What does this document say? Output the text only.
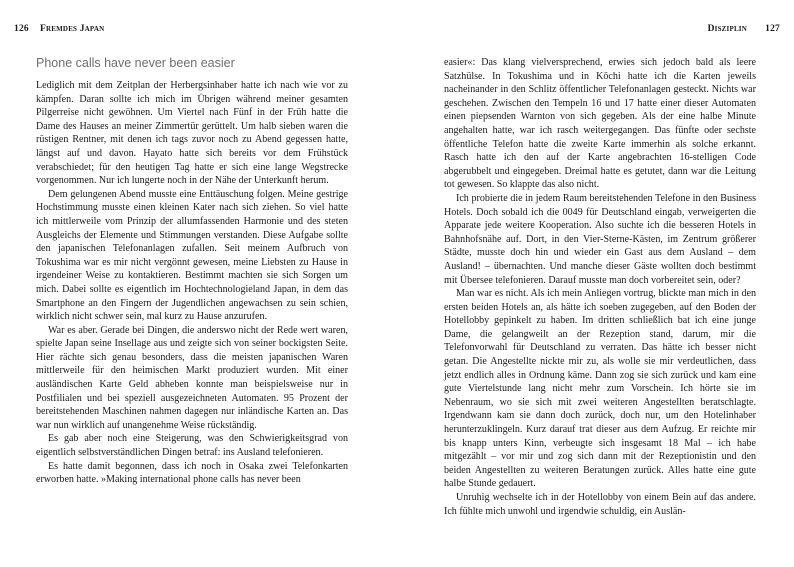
126 Fremdes Japan
Phone calls have never been easier

Lediglich mit dem Zeitplan der Herbergsinhaber hatte ich nach wie vor zu kämpfen. Daran sollte ich mich im Übrigen während meiner gesamten Pilgerreise nicht gewöhnen. Um Viertel nach Fünf in der Früh hatte die Dame des Hauses an meiner Zimmertür gerüttelt. Um halb sieben waren die rüstigen Rentner, mit denen ich tags zuvor noch zu Abend gegessen hatte, längst auf und davon. Hayato hatte sich bereits vor dem Frühstück verabschiedet; für den heutigen Tag hatte er sich eine lange Wegstrecke vorgenommen. Nur ich lungerte noch in der Nähe der Unterkunft herum.

Dem gelungenen Abend musste eine Enttäuschung folgen. Meine gestrige Hochstimmung musste einen kleinen Kater nach sich ziehen. So viel hatte ich mittlerweile vom Prinzip der allumfassenden Harmonie und des steten Ausgleichs der Elemente und Stimmungen verstanden. Diese Aufgabe sollte den japanischen Telefonanlagen zufallen. Seit meinem Aufbruch von Tokushima war es mir nicht vergönnt gewesen, meine Liebsten zu Hause in irgendeiner Weise zu kontaktieren. Bestimmt machten sie sich Sorgen um mich. Dabei sollte es eigentlich im Hochtechnologieland Japan, in dem das Smartphone an den Fingern der Jugendlichen angewachsen zu sein schien, wirklich nicht schwer sein, mal kurz zu Hause anzurufen.

War es aber. Gerade bei Dingen, die anderswo nicht der Rede wert waren, spielte Japan seine Insellage aus und zeigte sich von seiner bockigsten Seite. Hier rächte sich genau besonders, dass die meisten japanischen Waren mittlerweile für den heimischen Markt produziert wurden. Mit einer ausländischen Karte Geld abheben konnte man beispielsweise nur in Postfilialen und bei speziell ausgezeichneten Automaten. 95 Prozent der bereitstehenden Maschinen nahmen dagegen nur inländische Karten an. Das war nun wirklich auf unangenehme Weise rückständig.

Es gab aber noch eine Steigerung, was den Schwierigkeitsgrad von eigentlich selbstverständlichen Dingen betraf: ins Ausland telefonieren.

Es hatte damit begonnen, dass ich noch in Osaka zwei Telefonkarten erworben hatte. »Making international phone calls has never been

Disziplin 127

easier«: Das klang vielversprechend, erwies sich jedoch bald als leere Satzhülse. In Tokushima und in Kōchi hatte ich die Karten jeweils nacheinander in den Schlitz öffentlicher Telefonanlagen gesteckt. Nichts war geschehen. Zwischen den Tempeln 16 und 17 hatte einer dieser Automaten einen piepsenden Warnton von sich gegeben. Als der eine halbe Minute angehalten hatte, war ich rasch weitergegangen. Das fünfte oder sechste öffentliche Telefon hatte die zweite Karte immerhin als solche erkannt. Rasch hatte ich den auf der Karte angebrachten 16-stelligen Code abgerubbelt und eingegeben. Dreimal hatte es getutet, dann war die Leitung tot gewesen. So klappte das also nicht.

Ich probierte die in jedem Raum bereitstehenden Telefone in den Business Hotels. Doch sobald ich die 0049 für Deutschland eingab, verweigerten die Apparate jede weitere Kooperation. Also suchte ich die besseren Hotels in Bahnhofsnähe auf. Dort, in den Vier-Sterne-Kästen, im Zentrum größerer Städte, musste doch hin und wieder ein Gast aus dem Ausland – dem Ausland! – übernachten. Und manche dieser Gäste wollten doch bestimmt mit Übersee telefonieren. Darauf musste man doch vorbereitet sein, oder?

Man war es nicht. Als ich mein Anliegen vortrug, blickte man mich in den ersten beiden Hotels an, als hätte ich soeben zugegeben, auf den Boden der Hotellobby gepinkelt zu haben. Im dritten schließlich bat ich eine junge Dame, die gelangweilt an der Rezeption stand, darum, mir die Telefonvorwahl für Deutschland zu verraten. Das hätte ich besser nicht getan. Die Angestellte nickte mir zu, als wolle sie mir verdeutlichen, dass jetzt endlich alles in Ordnung käme. Dann zog sie sich zurück und kam eine gute Viertelstunde lang nicht mehr zum Vorschein. Ich hörte sie im Nebenraum, wo sie sich mit zwei weiteren Angestellten beratschlagte. Irgendwann kam sie dann doch zurück, doch nur, um den Hotelinhaber herunterzuklingeln. Kurz darauf trat dieser aus dem Aufzug. Er reichte mir bis knapp unters Kinn, verbeugte sich insgesamt 18 Mal – ich habe mitgezählt – vor mir und zog sich dann mit der Rezeptionistin und den beiden Angestellten zu weiteren Beratungen zurück. Alles hatte eine gute halbe Stunde gedauert.

Unruhig wechselte ich in der Hotellobby von einem Bein auf das andere. Ich fühlte mich unwohl und irgendwie schuldig, ein Auslän-
